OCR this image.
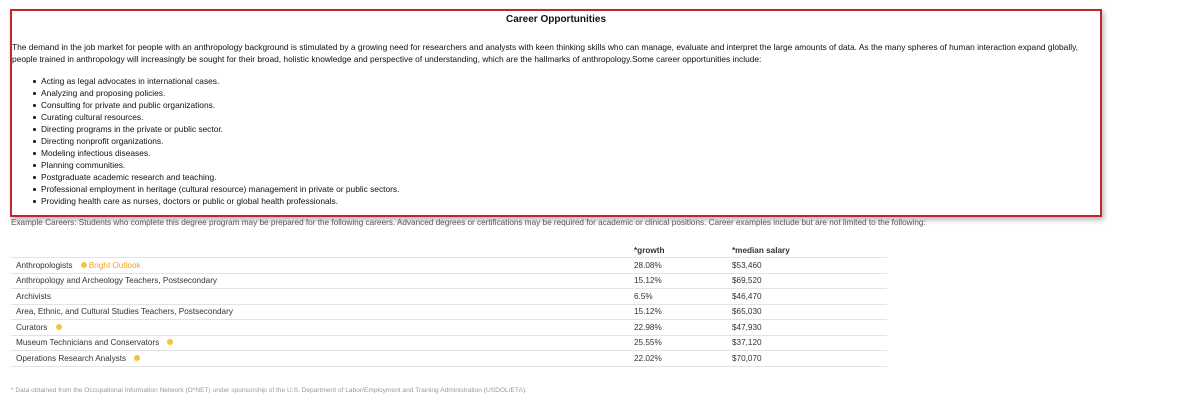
Career Opportunities

The demand in the job market for people with an anthropology background is stimulated by a growing need for researchers and analysts with keen thinking skills who can manage, evaluate and interpret the large amounts of data. As the many spheres of human interaction expand globally, people trained in anthropology will increasingly be sought for their broad, holistic knowledge and perspective of understanding, which are the hallmarks of anthropology.Some career opportunities include:

Acting as legal advocates in international cases.
Analyzing and proposing policies.
Consulting for private and public organizations.
Curating cultural resources.
Directing programs in the private or public sector.
Directing nonprofit organizations.
Modeling infectious diseases.
Planning communities.
Postgraduate academic research and teaching.
Professional employment in heritage (cultural resource) management in private or public sectors.
Providing health care as nurses, doctors or public or global health professionals.

Example Careers: Students who complete this degree program may be prepared for the following careers. Advanced degrees or certifications may be required for academic or clinical positions. Career examples include but are not limited to the following:

	*growth	*median salary
Anthropologists Bright Outlook	28.08%	$53,460
Anthropology and Archeology Teachers, Postsecondary	15.12%	$69,520
Archivists	6.5%	$46,470
Area, Ethnic, and Cultural Studies Teachers, Postsecondary	15.12%	$65,030
Curators	22.98%	$47,930
Museum Technicians and Conservators	25.55%	$37,120
Operations Research Analysts	22.02%	$70,070

* Data obtained from the Occupational Information Network (O*NET) under sponsorship of the U.S. Department of Labor/Employment and Training Administration (USDOL/ETA).
